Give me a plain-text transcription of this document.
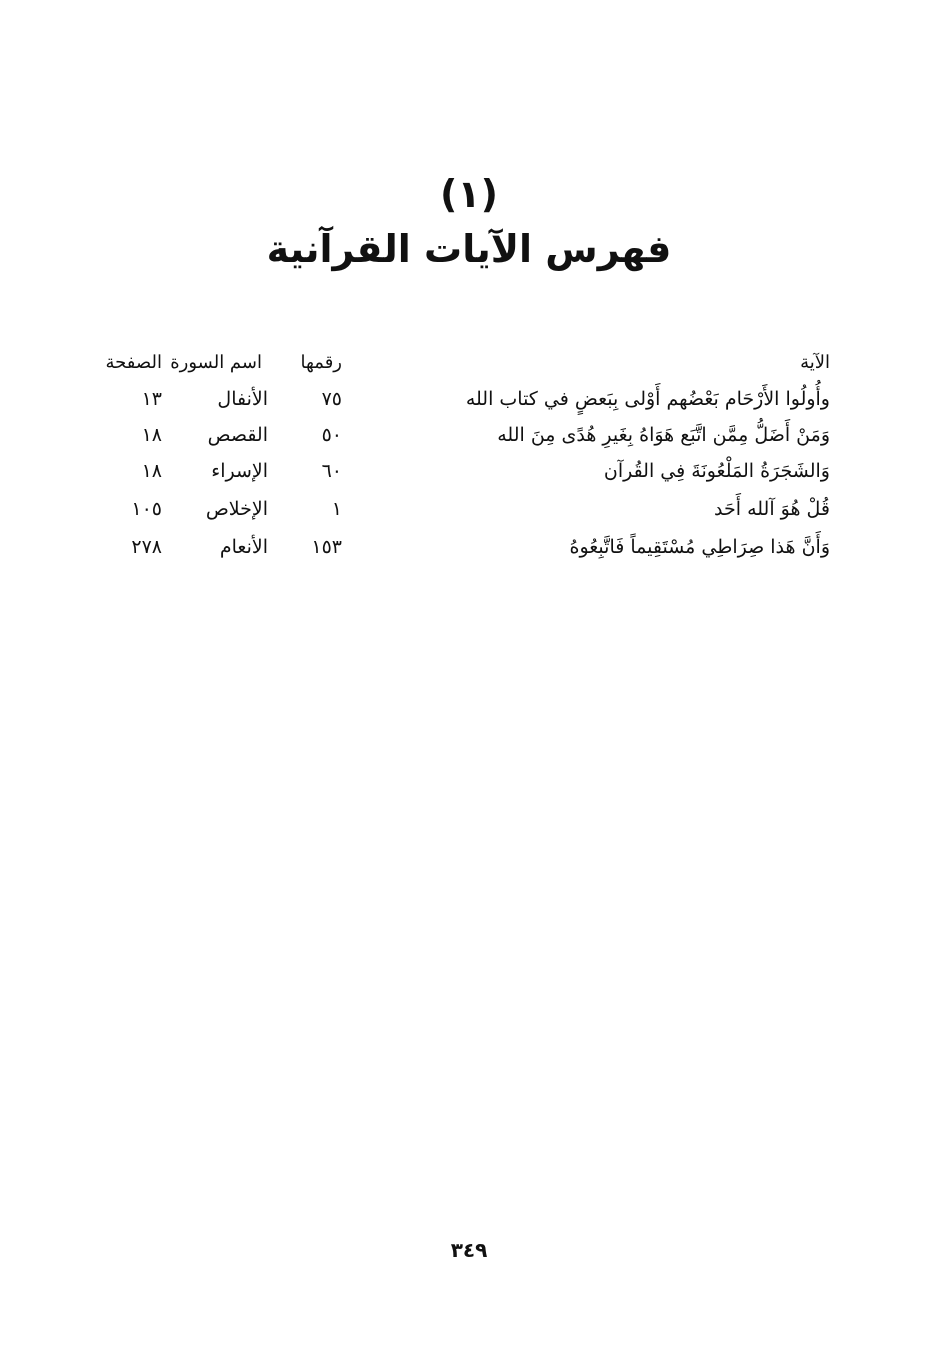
(١)
فهرس الآيات القرآنية
الآية
رقمها
اسم السورة
الصفحة
وأُولُوا الأَرْحَام بَعْضُهم أَوْلى بِبَعضٍ في كتاب الله
٧٥
الأنفال
١٣
وَمَنْ أَضَلُّ مِمَّن اتَّبَع هَوَاهُ بِغَيرِ هُدًى مِنَ الله
٥٠
القصص
١٨
وَالشَجَرَةُ المَلْعُونَةَ فِي القُرآن
٦٠
الإسراء
١٨
قُلْ هُوَ آلله أَحَد
١
الإخلاص
١٠٥
وَأَنَّ هَذا صِرَاطِي مُسْتَقِيماً فَاتَّبِعُوهُ
١٥٣
الأنعام
٢٧٨
٣٤٩
